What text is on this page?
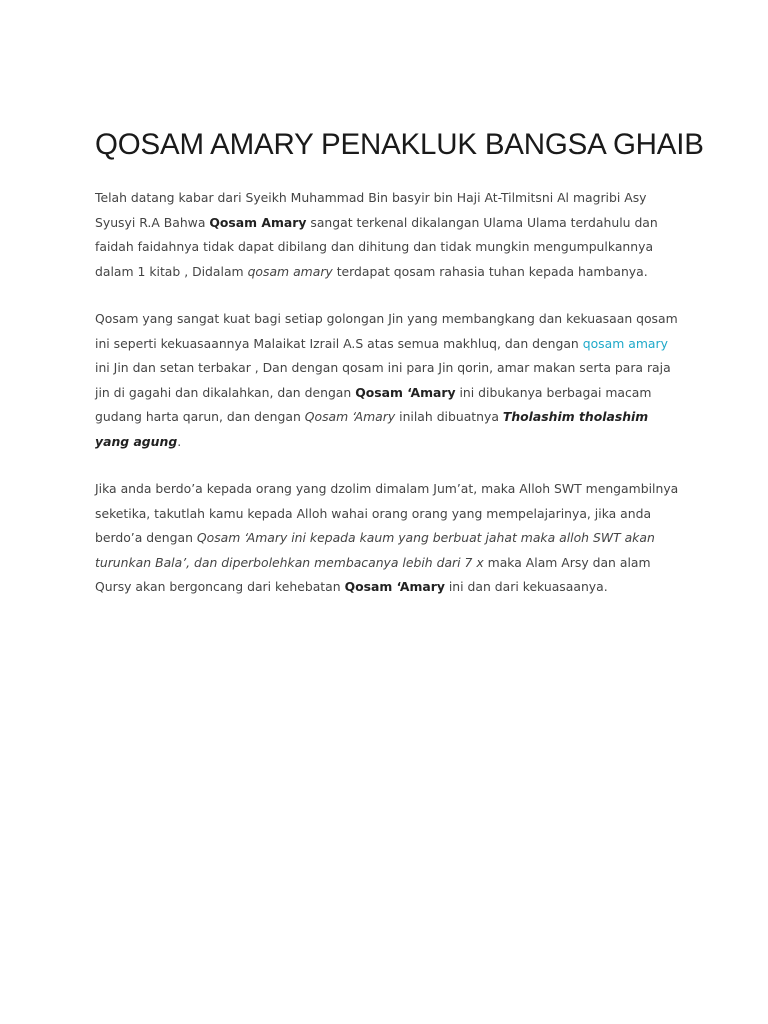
QOSAM AMARY PENAKLUK BANGSA GHAIB

Telah datang kabar dari Syeikh Muhammad Bin basyir bin Haji At-Tilmitsni Al magribi Asy Syusyi R.A Bahwa Qosam Amary sangat terkenal dikalangan Ulama Ulama terdahulu dan faidah faidahnya tidak dapat dibilang dan dihitung dan tidak mungkin mengumpulkannya dalam 1 kitab , Didalam qosam amary terdapat qosam rahasia tuhan kepada hambanya.

Qosam yang sangat kuat bagi setiap golongan Jin yang membangkang dan kekuasaan qosam ini seperti kekuasaannya Malaikat Izrail A.S atas semua makhluq, dan dengan qosam amary ini Jin dan setan terbakar , Dan dengan qosam ini para Jin qorin, amar makan serta para raja jin di gagahi dan dikalahkan, dan dengan Qosam ‘Amary ini dibukanya berbagai macam gudang harta qarun, dan dengan Qosam ‘Amary inilah dibuatnya Tholashim tholashim yang agung.

Jika anda berdo’a kepada orang yang dzolim dimalam Jum’at, maka Alloh SWT mengambilnya seketika, takutlah kamu kepada Alloh wahai orang orang yang mempelajarinya, jika anda berdo’a dengan Qosam ‘Amary ini kepada kaum yang berbuat jahat maka alloh SWT akan turunkan Bala’, dan diperbolehkan membacanya lebih dari 7 x maka Alam Arsy dan alam Qursy akan bergoncang dari kehebatan Qosam ‘Amary ini dan dari kekuasaanya.
